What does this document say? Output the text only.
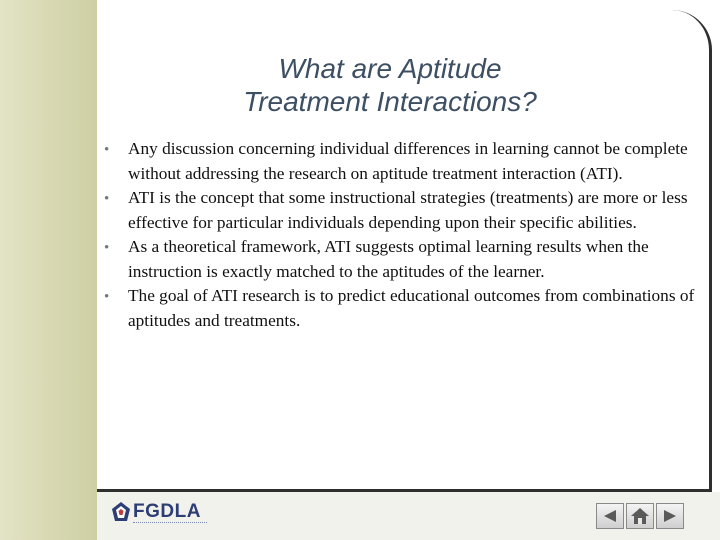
What are Aptitude
Treatment Interactions?
• Any discussion concerning individual differences in learning cannot be complete without addressing the research on aptitude treatment interaction (ATI).
• ATI is the concept that some instructional strategies (treatments) are more or less effective for particular individuals depending upon their specific abilities.
• As a theoretical framework, ATI suggests optimal learning results when the instruction is exactly matched to the aptitudes of the learner.
• The goal of ATI research is to predict educational outcomes from combinations of aptitudes and treatments.
FGDLA
